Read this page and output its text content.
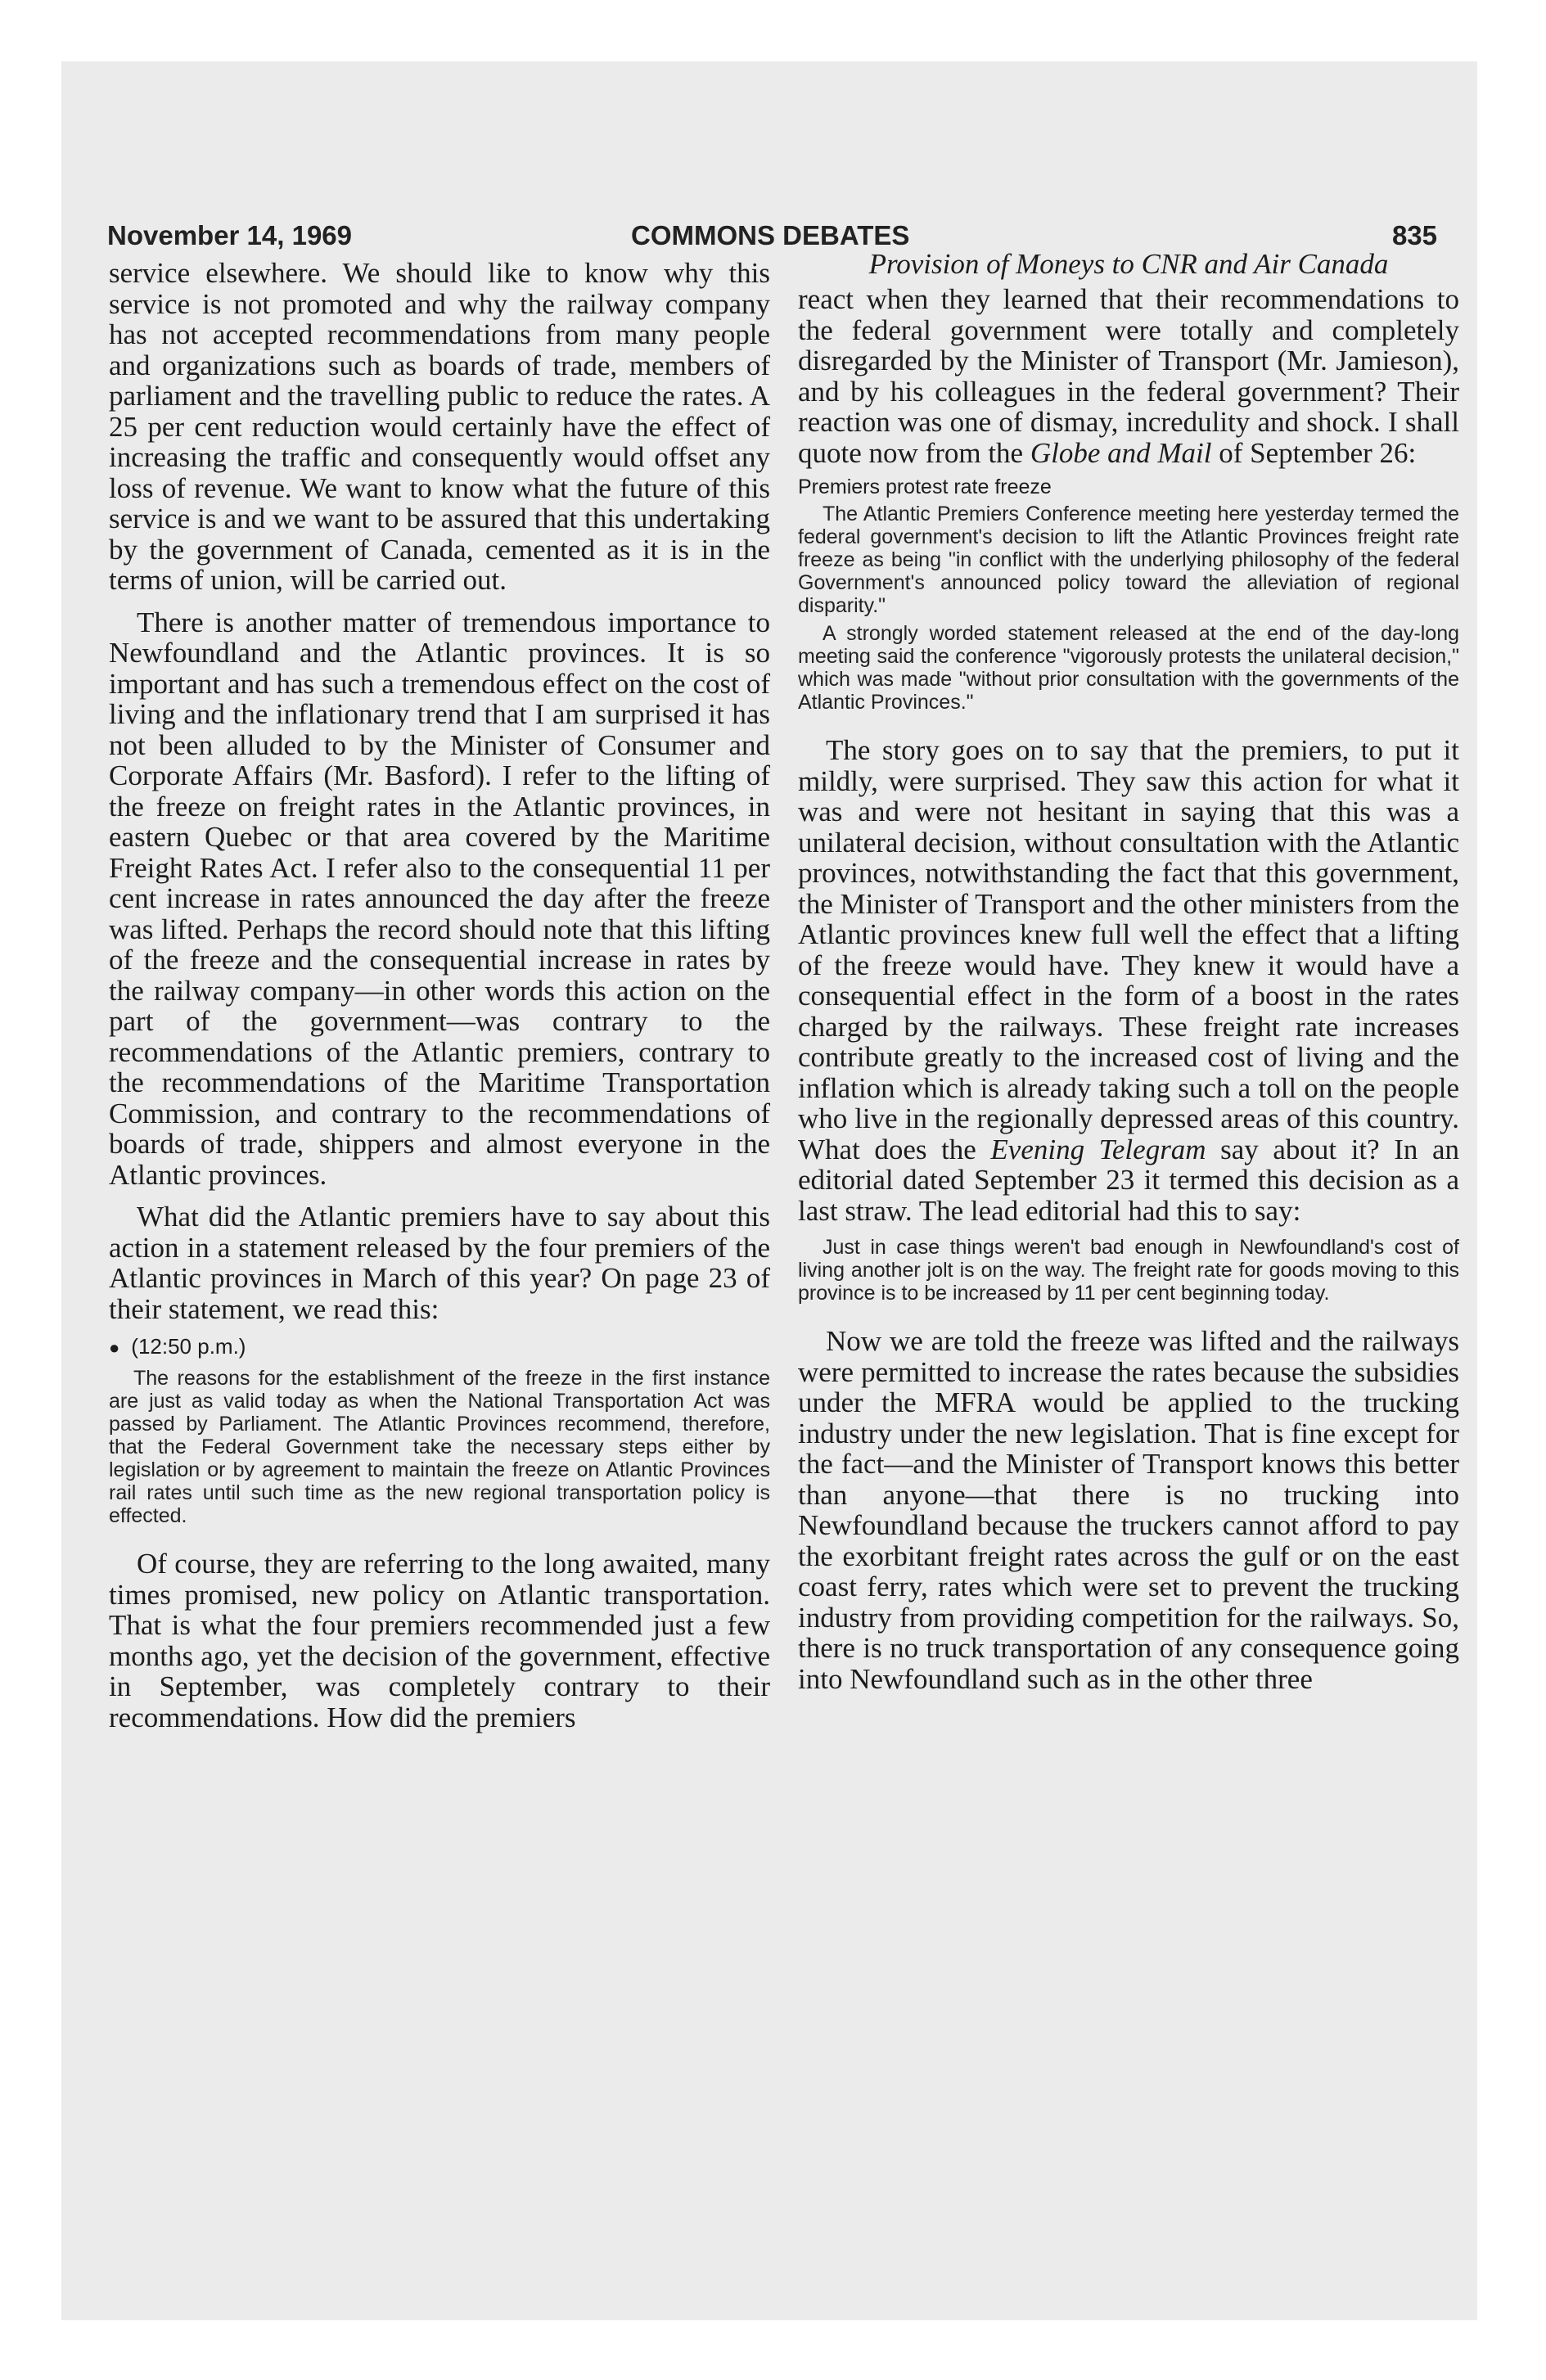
November 14, 1969	COMMONS DEBATES	835

service elsewhere. We should like to know why this service is not promoted and why the railway company has not accepted recommendations from many people and organizations such as boards of trade, members of parliament and the travelling public to reduce the rates. A 25 per cent reduction would certainly have the effect of increasing the traffic and consequently would offset any loss of revenue. We want to know what the future of this service is and we want to be assured that this undertaking by the government of Canada, cemented as it is in the terms of union, will be carried out.

There is another matter of tremendous importance to Newfoundland and the Atlantic provinces. It is so important and has such a tremendous effect on the cost of living and the inflationary trend that I am surprised it has not been alluded to by the Minister of Consumer and Corporate Affairs (Mr. Basford). I refer to the lifting of the freeze on freight rates in the Atlantic provinces, in eastern Quebec or that area covered by the Maritime Freight Rates Act. I refer also to the consequential 11 per cent increase in rates announced the day after the freeze was lifted. Perhaps the record should note that this lifting of the freeze and the consequential increase in rates by the railway company—in other words this action on the part of the government—was contrary to the recommendations of the Atlantic premiers, contrary to the recommendations of the Maritime Transportation Commission, and contrary to the recommendations of boards of trade, shippers and almost everyone in the Atlantic provinces.

What did the Atlantic premiers have to say about this action in a statement released by the four premiers of the Atlantic provinces in March of this year? On page 23 of their statement, we read this:

● (12:50 p.m.)

The reasons for the establishment of the freeze in the first instance are just as valid today as when the National Transportation Act was passed by Parliament. The Atlantic Provinces recommend, therefore, that the Federal Government take the necessary steps either by legislation or by agreement to maintain the freeze on Atlantic Provinces rail rates until such time as the new regional transportation policy is effected.

Of course, they are referring to the long awaited, many times promised, new policy on Atlantic transportation. That is what the four premiers recommended just a few months ago, yet the decision of the government, effective in September, was completely contrary to their recommendations. How did the premiers

Provision of Moneys to CNR and Air Canada

react when they learned that their recommendations to the federal government were totally and completely disregarded by the Minister of Transport (Mr. Jamieson), and by his colleagues in the federal government? Their reaction was one of dismay, incredulity and shock. I shall quote now from the Globe and Mail of September 26:

Premiers protest rate freeze

The Atlantic Premiers Conference meeting here yesterday termed the federal government's decision to lift the Atlantic Provinces freight rate freeze as being "in conflict with the underlying philosophy of the federal Government's announced policy toward the alleviation of regional disparity."

A strongly worded statement released at the end of the day-long meeting said the conference "vigorously protests the unilateral decision," which was made "without prior consultation with the governments of the Atlantic Provinces."

The story goes on to say that the premiers, to put it mildly, were surprised. They saw this action for what it was and were not hesitant in saying that this was a unilateral decision, without consultation with the Atlantic provinces, notwithstanding the fact that this government, the Minister of Transport and the other ministers from the Atlantic provinces knew full well the effect that a lifting of the freeze would have. They knew it would have a consequential effect in the form of a boost in the rates charged by the railways. These freight rate increases contribute greatly to the increased cost of living and the inflation which is already taking such a toll on the people who live in the regionally depressed areas of this country. What does the Evening Telegram say about it? In an editorial dated September 23 it termed this decision as a last straw. The lead editorial had this to say:

Just in case things weren't bad enough in Newfoundland's cost of living another jolt is on the way. The freight rate for goods moving to this province is to be increased by 11 per cent beginning today.

Now we are told the freeze was lifted and the railways were permitted to increase the rates because the subsidies under the MFRA would be applied to the trucking industry under the new legislation. That is fine except for the fact—and the Minister of Transport knows this better than anyone—that there is no trucking into Newfoundland because the truckers cannot afford to pay the exorbitant freight rates across the gulf or on the east coast ferry, rates which were set to prevent the trucking industry from providing competition for the railways. So, there is no truck transportation of any consequence going into Newfoundland such as in the other three
